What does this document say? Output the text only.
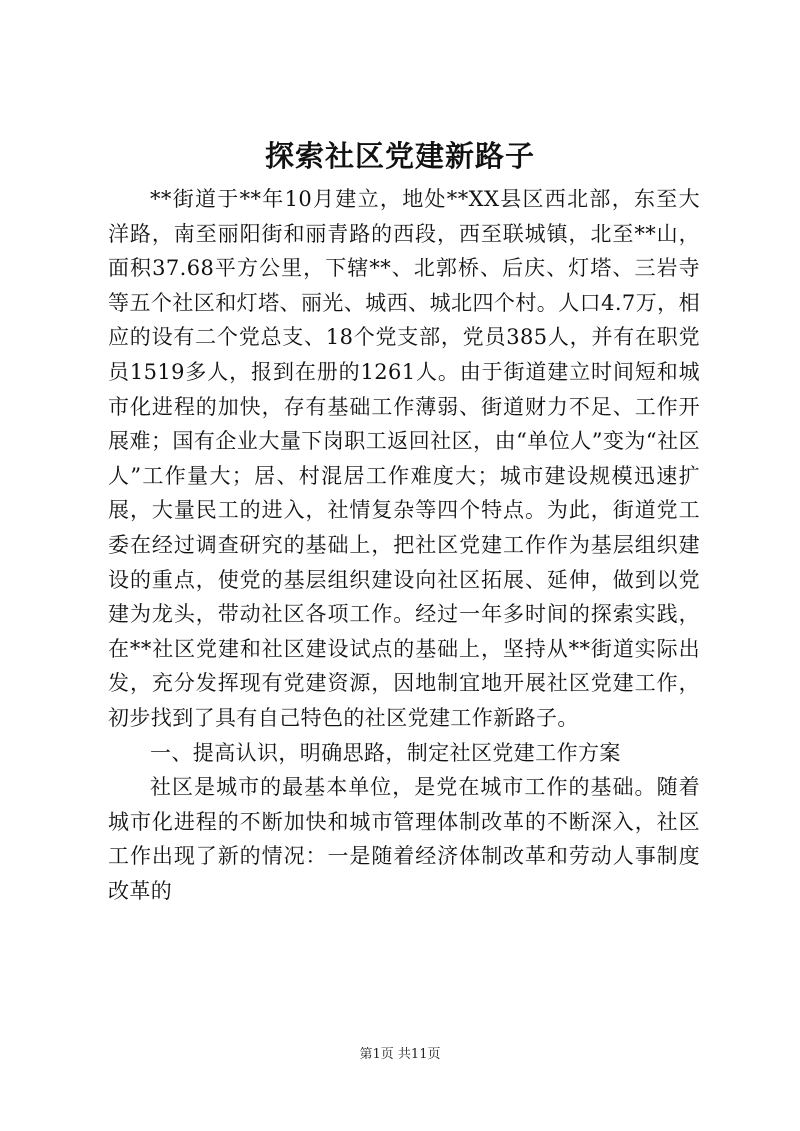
探索社区党建新路子

**街道于**年10月建立，地处**XX县区西北部，东至大洋路，南至丽阳街和丽青路的西段，西至联城镇，北至**山，面积37.68平方公里，下辖**、北郭桥、后庆、灯塔、三岩寺等五个社区和灯塔、丽光、城西、城北四个村。人口4.7万，相应的设有二个党总支、18个党支部，党员385人，并有在职党员1519多人，报到在册的1261人。由于街道建立时间短和城市化进程的加快，存有基础工作薄弱、街道财力不足、工作开展难；国有企业大量下岗职工返回社区，由“单位人”变为“社区人”工作量大；居、村混居工作难度大；城市建设规模迅速扩展，大量民工的进入，社情复杂等四个特点。为此，街道党工委在经过调查研究的基础上，把社区党建工作作为基层组织建设的重点，使党的基层组织建设向社区拓展、延伸，做到以党建为龙头，带动社区各项工作。经过一年多时间的探索实践，在**社区党建和社区建设试点的基础上，坚持从**街道实际出发，充分发挥现有党建资源，因地制宜地开展社区党建工作，初步找到了具有自己特色的社区党建工作新路子。

一、提高认识，明确思路，制定社区党建工作方案

社区是城市的最基本单位，是党在城市工作的基础。随着城市化进程的不断加快和城市管理体制改革的不断深入，社区工作出现了新的情况：一是随着经济体制改革和劳动人事制度改革的

第1页 共11页
